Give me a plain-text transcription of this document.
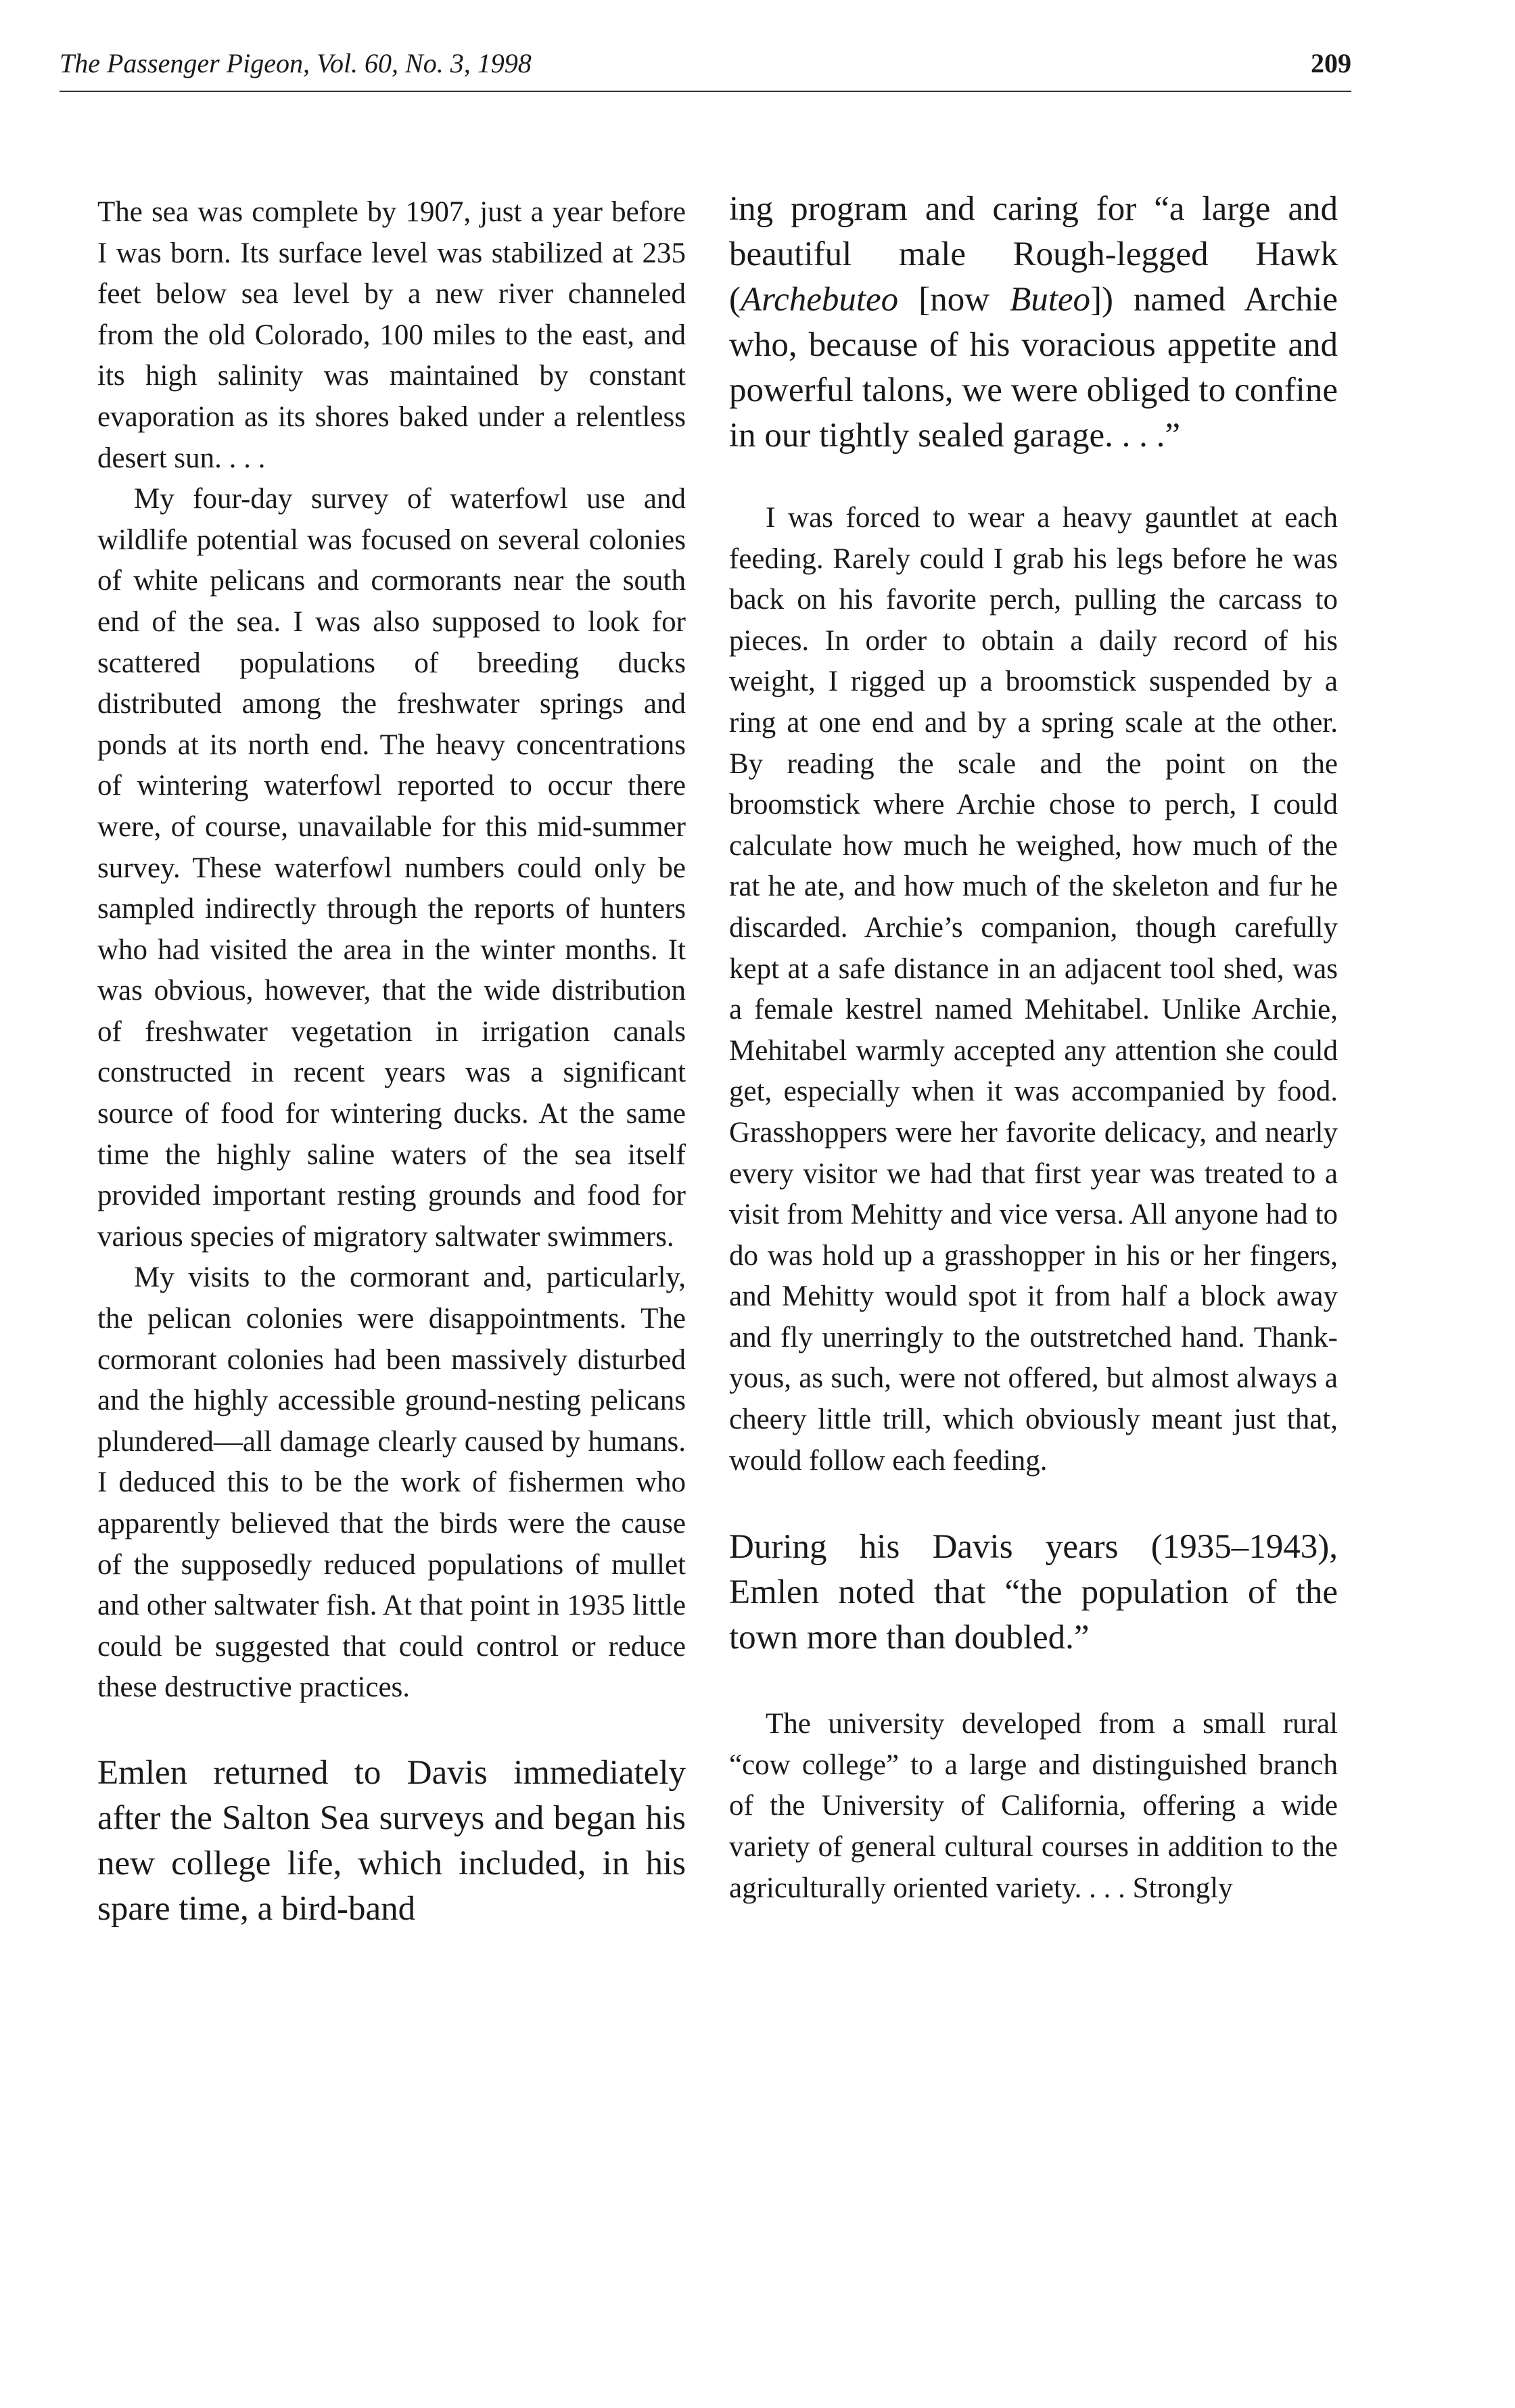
The Passenger Pigeon, Vol. 60, No. 3, 1998	209

The sea was complete by 1907, just a year before I was born. Its surface level was stabilized at 235 feet below sea level by a new river channeled from the old Colorado, 100 miles to the east, and its high salinity was maintained by constant evaporation as its shores baked under a relentless desert sun. . . .

My four-day survey of waterfowl use and wildlife potential was focused on several colonies of white pelicans and cormorants near the south end of the sea. I was also supposed to look for scattered populations of breeding ducks distributed among the freshwater springs and ponds at its north end. The heavy concentrations of wintering waterfowl reported to occur there were, of course, unavailable for this mid-summer survey. These waterfowl numbers could only be sampled indirectly through the reports of hunters who had visited the area in the winter months. It was obvious, however, that the wide distribution of freshwater vegetation in irrigation canals constructed in recent years was a significant source of food for wintering ducks. At the same time the highly saline waters of the sea itself provided important resting grounds and food for various species of migratory saltwater swimmers.

My visits to the cormorant and, particularly, the pelican colonies were disappointments. The cormorant colonies had been massively disturbed and the highly accessible ground-nesting pelicans plundered—all damage clearly caused by humans. I deduced this to be the work of fishermen who apparently believed that the birds were the cause of the supposedly reduced populations of mullet and other saltwater fish. At that point in 1935 little could be suggested that could control or reduce these destructive practices.

Emlen returned to Davis immediately after the Salton Sea surveys and began his new college life, which included, in his spare time, a bird-band

ing program and caring for “a large and beautiful male Rough-legged Hawk (Archebuteo [now Buteo]) named Archie who, because of his voracious appetite and powerful talons, we were obliged to confine in our tightly sealed garage. . . .”

I was forced to wear a heavy gauntlet at each feeding. Rarely could I grab his legs before he was back on his favorite perch, pulling the carcass to pieces. In order to obtain a daily record of his weight, I rigged up a broomstick suspended by a ring at one end and by a spring scale at the other. By reading the scale and the point on the broomstick where Archie chose to perch, I could calculate how much he weighed, how much of the rat he ate, and how much of the skeleton and fur he discarded. Archie’s companion, though carefully kept at a safe distance in an adjacent tool shed, was a female kestrel named Mehitabel. Unlike Archie, Mehitabel warmly accepted any attention she could get, especially when it was accompanied by food. Grasshoppers were her favorite delicacy, and nearly every visitor we had that first year was treated to a visit from Mehitty and vice versa. All anyone had to do was hold up a grasshopper in his or her fingers, and Mehitty would spot it from half a block away and fly unerringly to the outstretched hand. Thank-yous, as such, were not offered, but almost always a cheery little trill, which obviously meant just that, would follow each feeding.

During his Davis years (1935–1943), Emlen noted that “the population of the town more than doubled.”

The university developed from a small rural “cow college” to a large and distinguished branch of the University of California, offering a wide variety of general cultural courses in addition to the agriculturally oriented variety. . . . Strongly
